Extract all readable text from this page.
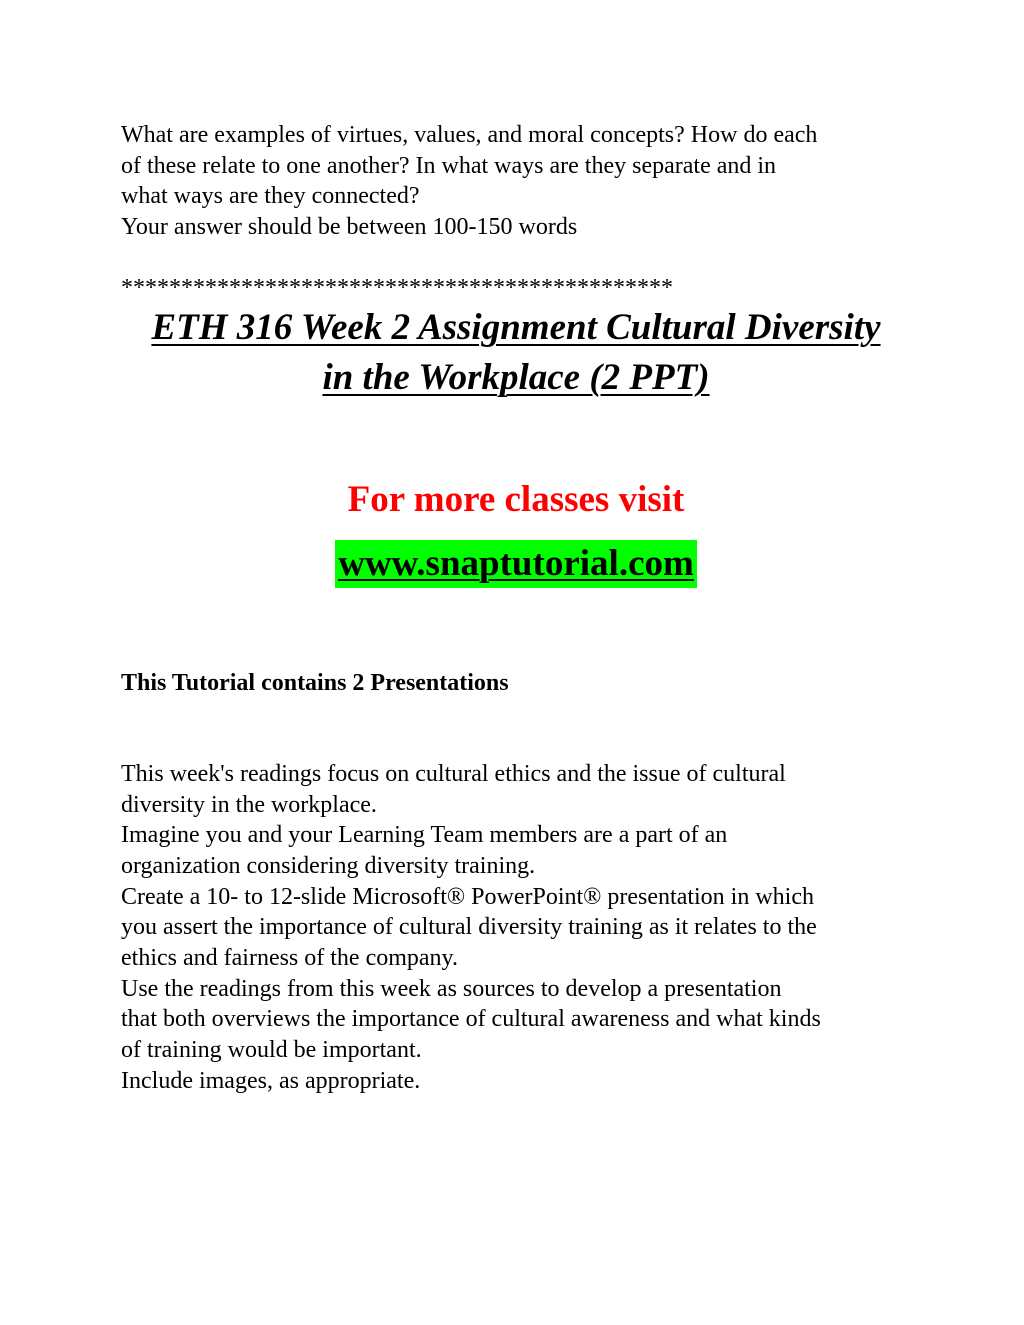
What are examples of virtues, values, and moral concepts? How do each
of these relate to one another? In what ways are they separate and in
what ways are they connected?
Your answer should be between 100-150 words

**********************************************
ETH 316 Week 2 Assignment Cultural Diversity
in the Workplace (2 PPT)
For more classes visit
www.snaptutorial.com
This Tutorial contains 2 Presentations

This week's readings focus on cultural ethics and the issue of cultural
diversity in the workplace.
Imagine you and your Learning Team members are a part of an
organization considering diversity training.
Create a 10- to 12-slide Microsoft® PowerPoint® presentation in which
you assert the importance of cultural diversity training as it relates to the
ethics and fairness of the company.
Use the readings from this week as sources to develop a presentation
that both overviews the importance of cultural awareness and what kinds
of training would be important.
Include images, as appropriate.
